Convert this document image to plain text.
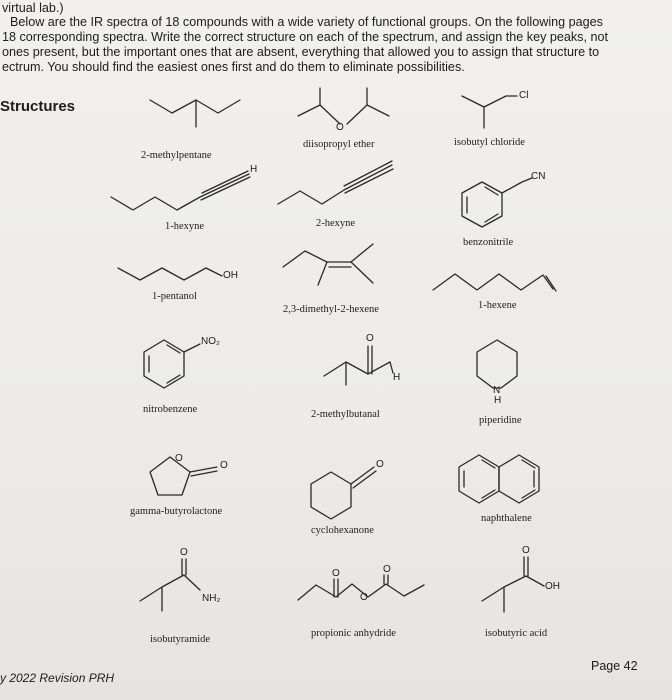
virtual lab.)
Below are the IR spectra of 18 compounds with a wide variety of functional groups. On the following pages
18 corresponding spectra. Write the correct structure on each of the spectrum, and assign the key peaks, not
ones present, but the important ones that are absent, everything that allowed you to assign that structure to
ectrum. You should find the easiest ones first and do them to eliminate possibilities.
Structures
O
Cl
H
CN
OH
NO₂	O
H
N
H
O
O	O
O
NH₂
O	O
O
O
OH
2-methylpentane
diisopropyl ether	isobutyl chloride
1-hexyne	2-hexyne
benzonitrile
1-pentanol
2,3-dimethyl-2-hexene	1-hexene
nitrobenzene	2-methylbutanal
piperidine
gamma-butyrolactone
cyclohexanone
naphthalene
isobutyramide
propionic anhydride	isobutyric acid
y 2022 Revision PRH
Page 42
